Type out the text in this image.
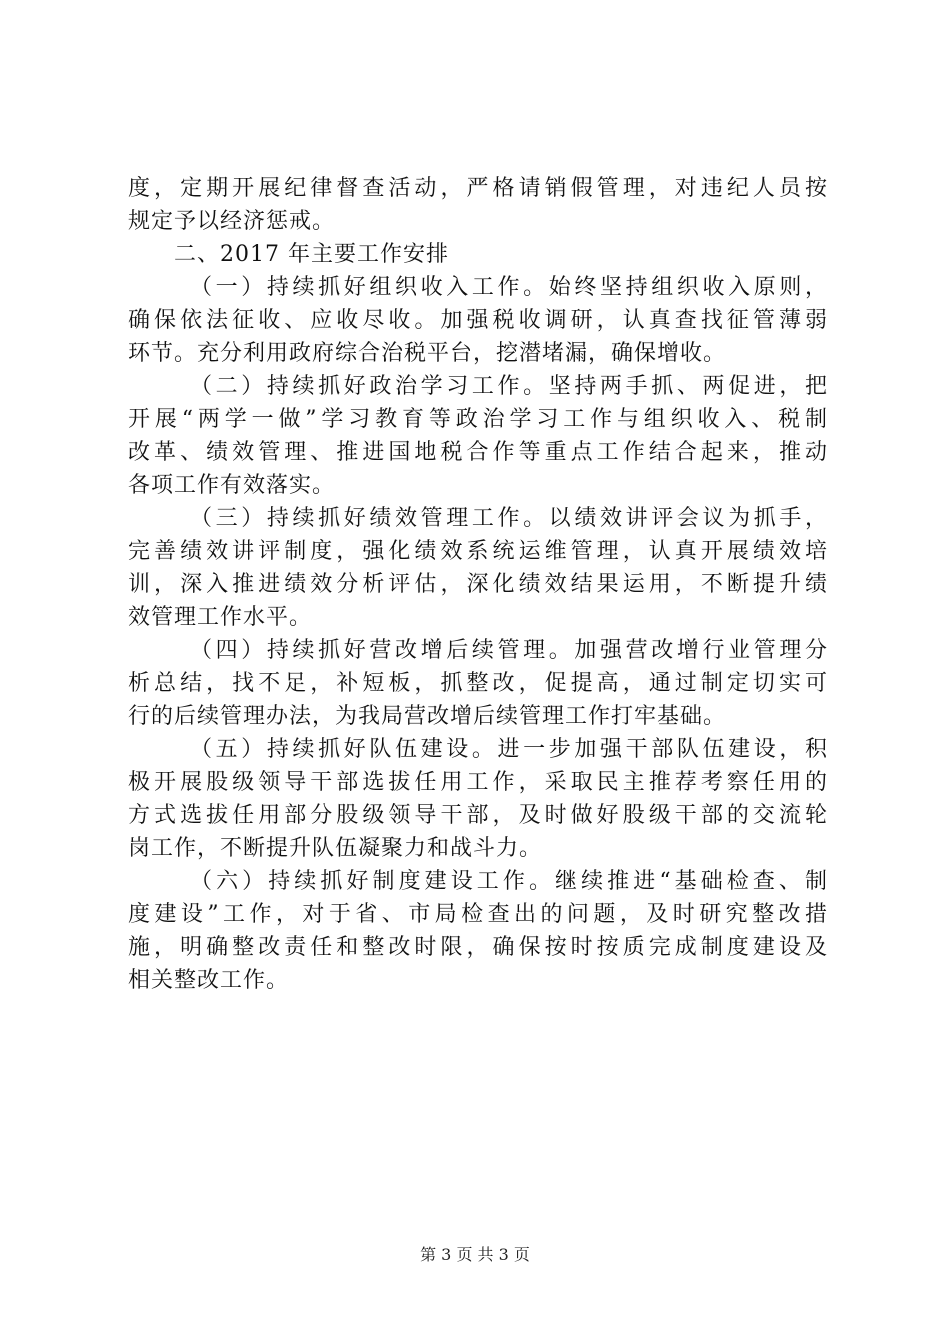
度，定期开展纪律督查活动，严格请销假管理，对违纪人员按
规定予以经济惩戒。
二、2017 年主要工作安排
（一）持续抓好组织收入工作。始终坚持组织收入原则，
确保依法征收、应收尽收。加强税收调研，认真查找征管薄弱
环节。充分利用政府综合治税平台，挖潜堵漏，确保增收。
（二）持续抓好政治学习工作。坚持两手抓、两促进，把
开展“两学一做”学习教育等政治学习工作与组织收入、税制
改革、绩效管理、推进国地税合作等重点工作结合起来，推动
各项工作有效落实。
（三）持续抓好绩效管理工作。以绩效讲评会议为抓手，
完善绩效讲评制度，强化绩效系统运维管理，认真开展绩效培
训，深入推进绩效分析评估，深化绩效结果运用，不断提升绩
效管理工作水平。
（四）持续抓好营改增后续管理。加强营改增行业管理分
析总结，找不足，补短板，抓整改，促提高，通过制定切实可
行的后续管理办法，为我局营改增后续管理工作打牢基础。
（五）持续抓好队伍建设。进一步加强干部队伍建设，积
极开展股级领导干部选拔任用工作，采取民主推荐考察任用的
方式选拔任用部分股级领导干部，及时做好股级干部的交流轮
岗工作，不断提升队伍凝聚力和战斗力。
（六）持续抓好制度建设工作。继续推进“基础检查、制
度建设”工作，对于省、市局检查出的问题，及时研究整改措
施，明确整改责任和整改时限，确保按时按质完成制度建设及
相关整改工作。
第 3 页 共 3 页
